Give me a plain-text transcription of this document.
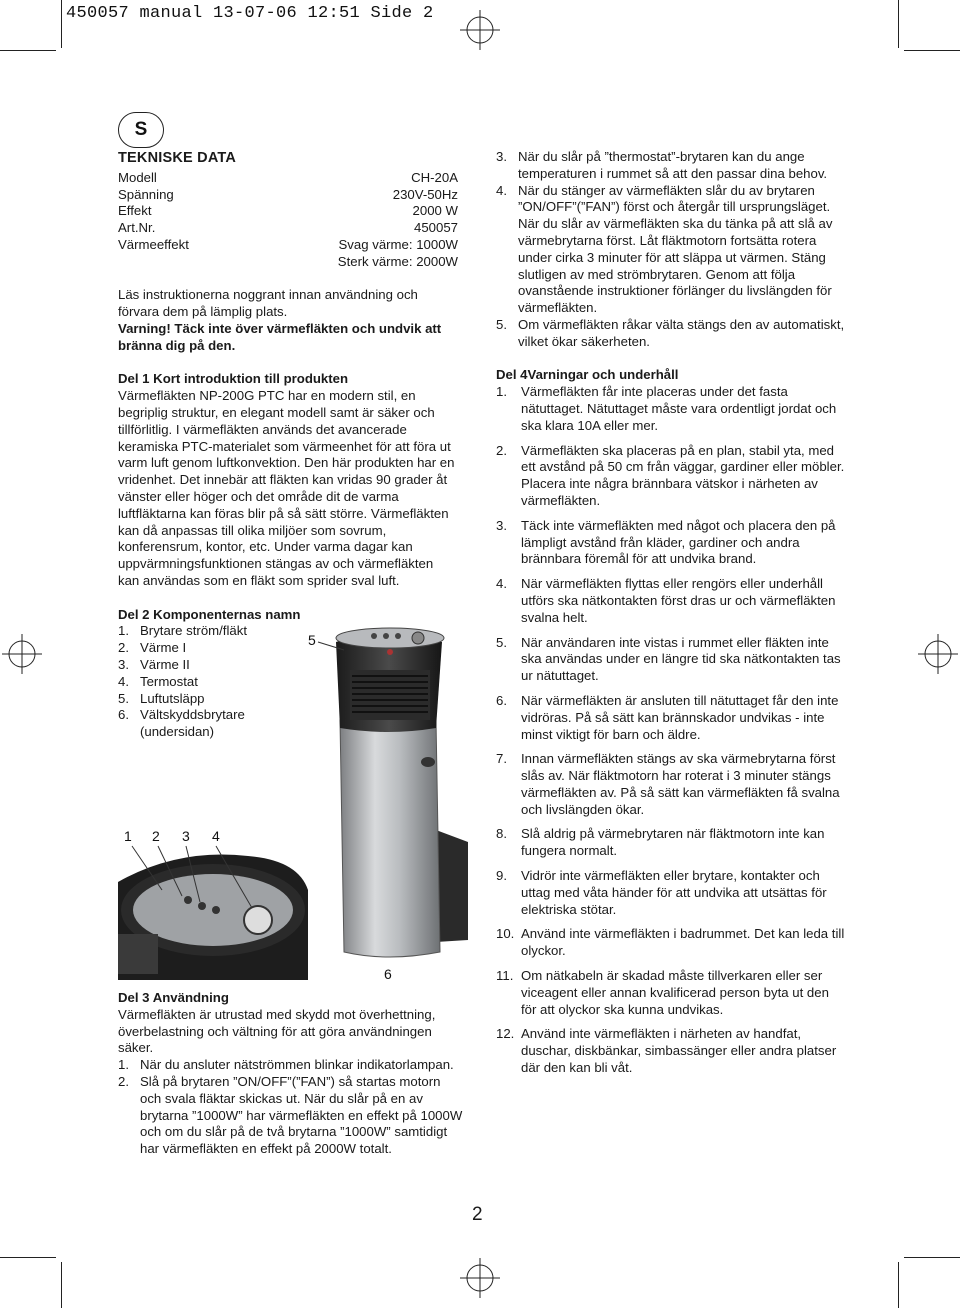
450057 manual 13-07-06 12:51 Side 2
S
TEKNISKE DATA
Modell	CH-20A
Spänning	230V-50Hz
Effekt	2000 W
Art.Nr.	450057
Värmeeffekt	Svag värme: 1000W
Sterk värme: 2000W
Läs instruktionerna noggrant innan användning och förvara dem på lämplig plats.
Varning! Täck inte över värmefläkten och undvik att bränna dig på den.
Del 1 Kort introduktion till produkten
Värmefläkten NP-200G PTC har en modern stil, en begriplig struktur, en elegant modell samt är säker och tillförlitlig. I värmefläkten används det avancerade keramiska PTC-materialet som värmeenhet för att föra ut varm luft genom luftkonvektion. Den här produkten har en vridenhet. Det innebär att fläkten kan vridas 90 grader åt vänster eller höger och det område dit de varma luftfläktarna kan föras blir på så sätt större. Värmefläkten kan då anpassas till olika miljöer som sovrum, konferensrum, kontor, etc. Under varma dagar kan uppvärmningsfunktionen stängas av och värmefläkten kan användas som en fläkt som sprider sval luft.
Del 2 Komponenternas namn
1. Brytare ström/fläkt
2. Värme I
3. Värme II
4. Termostat
5. Luftutsläpp
6. Vältskyddsbrytare (undersidan)
1 2 3 4
5
6
Del 3 Användning
Värmefläkten är utrustad med skydd mot överhettning, överbelastning och vältning för att göra användningen säker.
1. När du ansluter nätströmmen blinkar indikatorlampan.
2. Slå på brytaren ”ON/OFF”(”FAN”) så startas motorn och svala fläktar skickas ut. När du slår på en av brytarna ”1000W” har värmefläkten en effekt på 1000W och om du slår på de två brytarna ”1000W” samtidigt har värmefläkten en effekt på 2000W totalt.
3. När du slår på ”thermostat”-brytaren kan du ange temperaturen i rummet så att den passar dina behov.
4. När du stänger av värmefläkten slår du av brytaren ”ON/OFF”(”FAN”) först och återgår till ursprungsläget. När du slår av värmefläkten ska du tänka på att slå av värmebrytarna först. Låt fläktmotorn fortsätta rotera under cirka 3 minuter för att släppa ut värmen. Stäng slutligen av med strömbrytaren. Genom att följa ovanstående instruktioner förlänger du livslängden för värmefläkten.
5. Om värmefläkten råkar välta stängs den av automatiskt, vilket ökar säkerheten.
Del 4Varningar och underhåll
1.	Värmefläkten får inte placeras under det fasta nätuttaget. Nätuttaget måste vara ordentligt jordat och ska klara 10A eller mer.
2.	Värmefläkten ska placeras på en plan, stabil yta, med ett avstånd på 50 cm från väggar, gardiner eller möbler. Placera inte några brännbara vätskor i närheten av värmefläkten.
3.	Täck inte värmefläkten med något och placera den på lämpligt avstånd från kläder, gardiner och andra brännbara föremål för att undvika brand.
4.	När värmefläkten flyttas eller rengörs eller underhåll utförs ska nätkontakten först dras ur och värmefläkten svalna helt.
5.	När användaren inte vistas i rummet eller fläkten inte ska användas under en längre tid ska nätkontakten tas ur nätuttaget.
6.	När värmefläkten är ansluten till nätuttaget får den inte vidröras. På så sätt kan brännskador undvikas - inte minst viktigt för barn och äldre.
7.	Innan värmefläkten stängs av ska värmebrytarna först slås av. När fläktmotorn har roterat i 3 minuter stängs värmefläkten av. På så sätt kan värmefläkten få svalna och livslängden ökar.
8.	Slå aldrig på värmebrytaren när fläktmotorn inte kan fungera normalt.
9.	Vidrör inte värmefläkten eller brytare, kontakter och uttag med våta händer för att undvika att utsättas för elektriska stötar.
10. Använd inte värmefläkten i badrummet. Det kan leda till olyckor.
11. Om nätkabeln är skadad måste tillverkaren eller ser viceagent eller annan kvalificerad person byta ut den för att olyckor ska kunna undvikas.
12. Använd inte värmefläkten i närheten av handfat, duschar, diskbänkar, simbassänger eller andra platser där den kan bli våt.
2
